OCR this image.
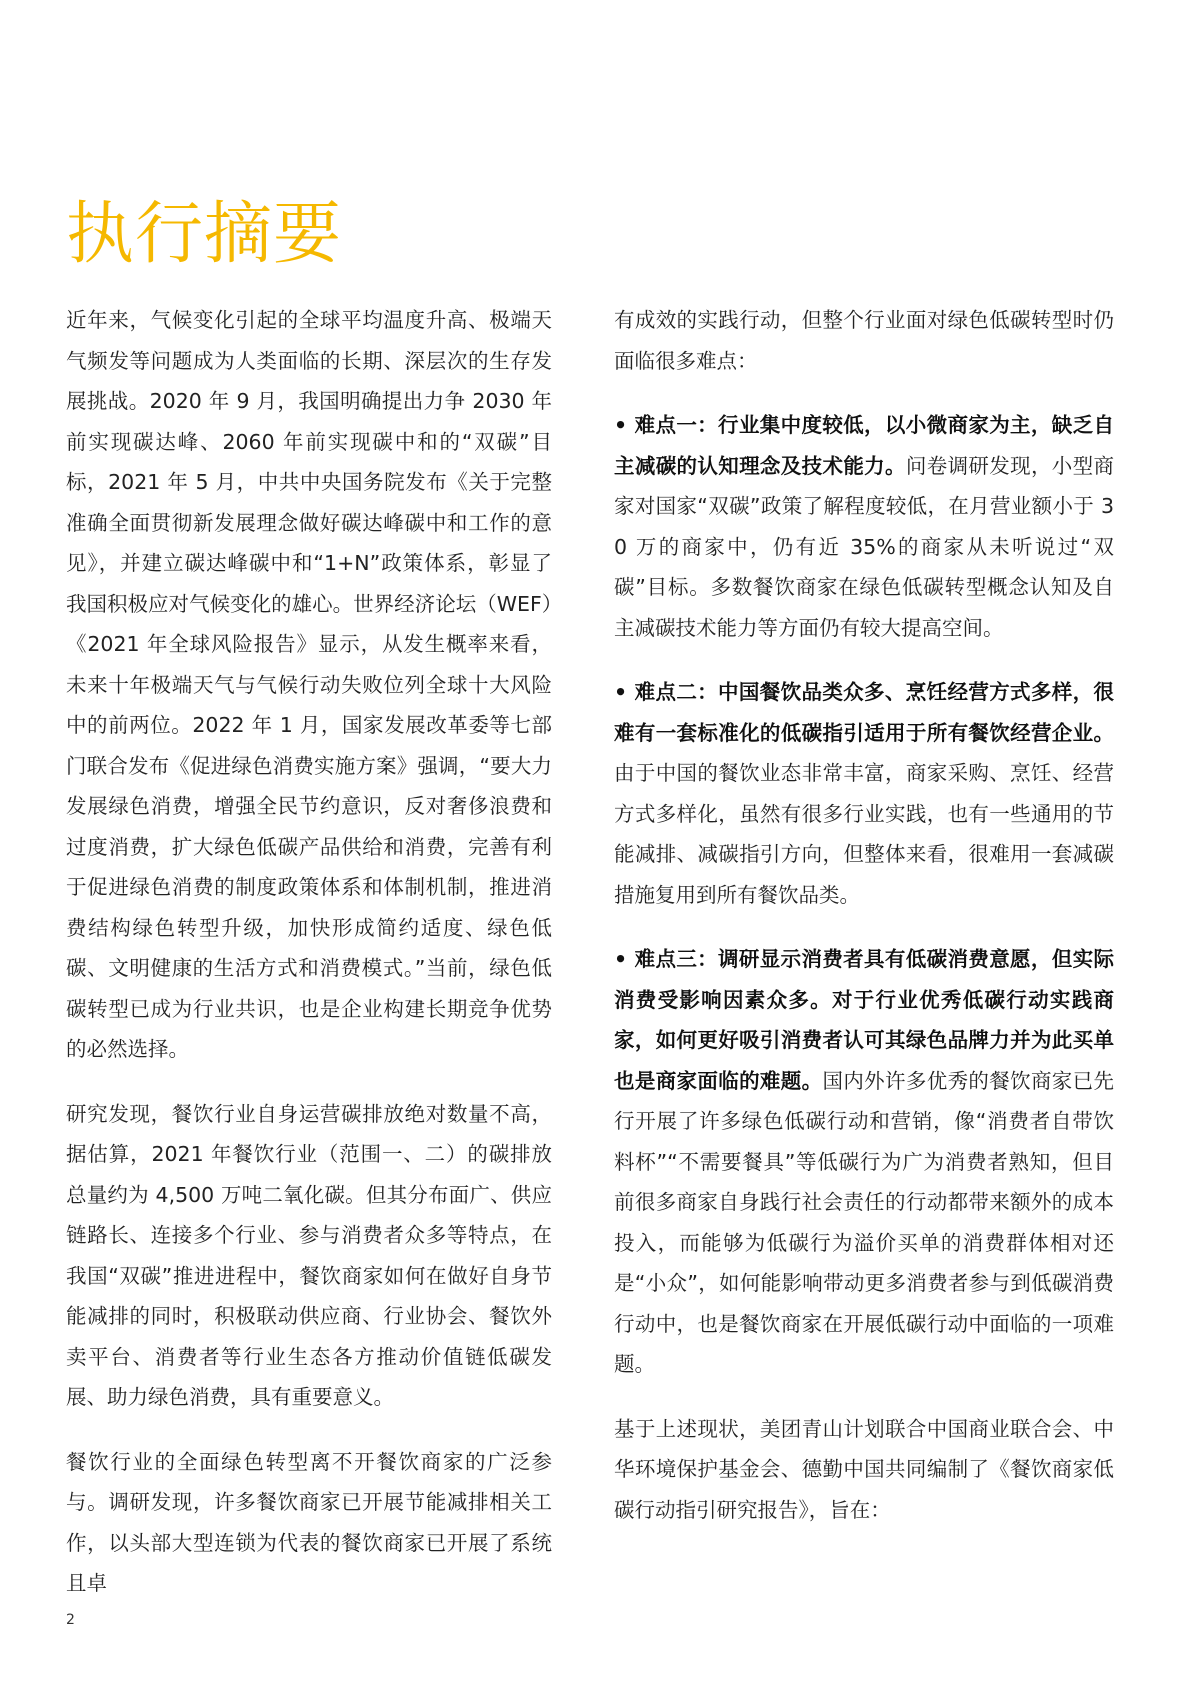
执行摘要

近年来，气候变化引起的全球平均温度升高、极端天气频发等问题成为人类面临的长期、深层次的生存发展挑战。2020 年 9 月，我国明确提出力争 2030 年前实现碳达峰、2060 年前实现碳中和的“双碳”目标，2021 年 5 月，中共中央国务院发布《关于完整准确全面贯彻新发展理念做好碳达峰碳中和工作的意见》，并建立碳达峰碳中和“1+N”政策体系，彰显了我国积极应对气候变化的雄心。世界经济论坛（WEF）《2021 年全球风险报告》显示，从发生概率来看，未来十年极端天气与气候行动失败位列全球十大风险中的前两位。2022 年 1 月，国家发展改革委等七部门联合发布《促进绿色消费实施方案》强调，“要大力发展绿色消费，增强全民节约意识，反对奢侈浪费和过度消费，扩大绿色低碳产品供给和消费，完善有利于促进绿色消费的制度政策体系和体制机制，推进消费结构绿色转型升级，加快形成简约适度、绿色低碳、文明健康的生活方式和消费模式。”当前，绿色低碳转型已成为行业共识，也是企业构建长期竞争优势的必然选择。

研究发现，餐饮行业自身运营碳排放绝对数量不高，据估算，2021 年餐饮行业（范围一、二）的碳排放总量约为 4,500 万吨二氧化碳。但其分布面广、供应链路长、连接多个行业、参与消费者众多等特点，在我国“双碳”推进进程中，餐饮商家如何在做好自身节能减排的同时，积极联动供应商、行业协会、餐饮外卖平台、消费者等行业生态各方推动价值链低碳发展、助力绿色消费，具有重要意义。

餐饮行业的全面绿色转型离不开餐饮商家的广泛参与。调研发现，许多餐饮商家已开展节能减排相关工作，以头部大型连锁为代表的餐饮商家已开展了系统且卓

有成效的实践行动，但整个行业面对绿色低碳转型时仍面临很多难点：

• 难点一：行业集中度较低，以小微商家为主，缺乏自主减碳的认知理念及技术能力。问卷调研发现，小型商家对国家“双碳”政策了解程度较低，在月营业额小于 30 万的商家中，仍有近 35%的商家从未听说过“双碳”目标。多数餐饮商家在绿色低碳转型概念认知及自主减碳技术能力等方面仍有较大提高空间。

• 难点二：中国餐饮品类众多、烹饪经营方式多样，很难有一套标准化的低碳指引适用于所有餐饮经营企业。由于中国的餐饮业态非常丰富，商家采购、烹饪、经营方式多样化，虽然有很多行业实践，也有一些通用的节能减排、减碳指引方向，但整体来看，很难用一套减碳措施复用到所有餐饮品类。

• 难点三：调研显示消费者具有低碳消费意愿，但实际消费受影响因素众多。对于行业优秀低碳行动实践商家，如何更好吸引消费者认可其绿色品牌力并为此买单也是商家面临的难题。国内外许多优秀的餐饮商家已先行开展了许多绿色低碳行动和营销，像“消费者自带饮料杯”“不需要餐具”等低碳行为广为消费者熟知，但目前很多商家自身践行社会责任的行动都带来额外的成本投入，而能够为低碳行为溢价买单的消费群体相对还是“小众”，如何能影响带动更多消费者参与到低碳消费行动中，也是餐饮商家在开展低碳行动中面临的一项难题。

基于上述现状，美团青山计划联合中国商业联合会、中华环境保护基金会、德勤中国共同编制了《餐饮商家低碳行动指引研究报告》，旨在：

2
